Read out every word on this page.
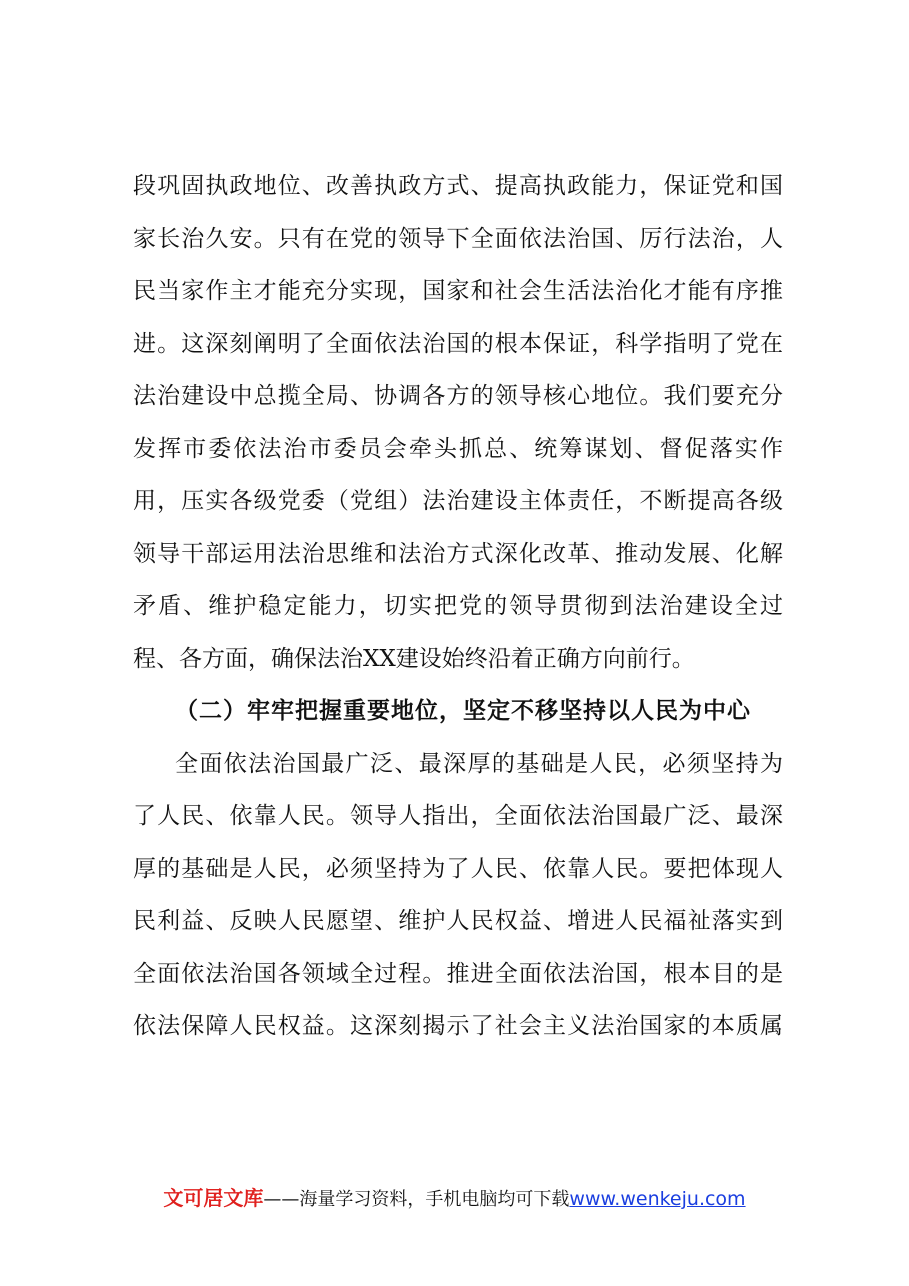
段巩固执政地位、改善执政方式、提高执政能力，保证党和国
家长治久安。只有在党的领导下全面依法治国、厉行法治，人
民当家作主才能充分实现，国家和社会生活法治化才能有序推
进。这深刻阐明了全面依法治国的根本保证，科学指明了党在
法治建设中总揽全局、协调各方的领导核心地位。我们要充分
发挥市委依法治市委员会牵头抓总、统筹谋划、督促落实作
用，压实各级党委（党组）法治建设主体责任，不断提高各级
领导干部运用法治思维和法治方式深化改革、推动发展、化解
矛盾、维护稳定能力，切实把党的领导贯彻到法治建设全过
程、各方面，确保法治XX建设始终沿着正确方向前行。
（二）牢牢把握重要地位，坚定不移坚持以人民为中心
全面依法治国最广泛、最深厚的基础是人民，必须坚持为
了人民、依靠人民。领导人指出，全面依法治国最广泛、最深
厚的基础是人民，必须坚持为了人民、依靠人民。要把体现人
民利益、反映人民愿望、维护人民权益、增进人民福祉落实到
全面依法治国各领域全过程。推进全面依法治国，根本目的是
依法保障人民权益。这深刻揭示了社会主义法治国家的本质属
文可居文库——海量学习资料，手机电脑均可下载www.wenkeju.com
